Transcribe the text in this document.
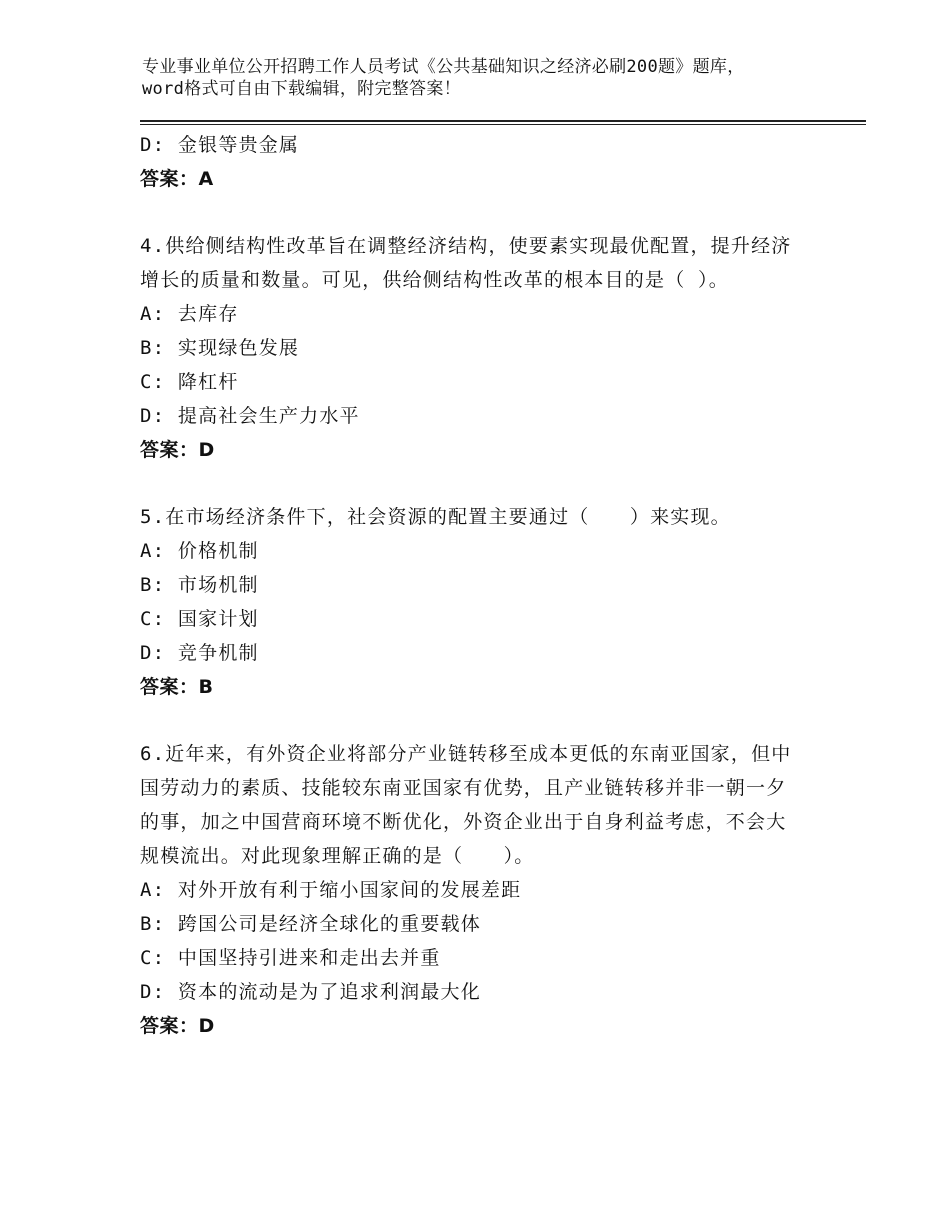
专业事业单位公开招聘工作人员考试《公共基础知识之经济必刷200题》题库，word格式可自由下载编辑，附完整答案！
D: 金银等贵金属
答案：A
4.供给侧结构性改革旨在调整经济结构，使要素实现最优配置，提升经济增长的质量和数量。可见，供给侧结构性改革的根本目的是（ ）。
A: 去库存
B: 实现绿色发展
C: 降杠杆
D: 提高社会生产力水平
答案：D
5.在市场经济条件下，社会资源的配置主要通过（　　）来实现。
A: 价格机制
B: 市场机制
C: 国家计划
D: 竞争机制
答案：B
6.近年来，有外资企业将部分产业链转移至成本更低的东南亚国家，但中国劳动力的素质、技能较东南亚国家有优势，且产业链转移并非一朝一夕的事，加之中国营商环境不断优化，外资企业出于自身利益考虑，不会大规模流出。对此现象理解正确的是（　　）。
A: 对外开放有利于缩小国家间的发展差距
B: 跨国公司是经济全球化的重要载体
C: 中国坚持引进来和走出去并重
D: 资本的流动是为了追求利润最大化
答案：D
